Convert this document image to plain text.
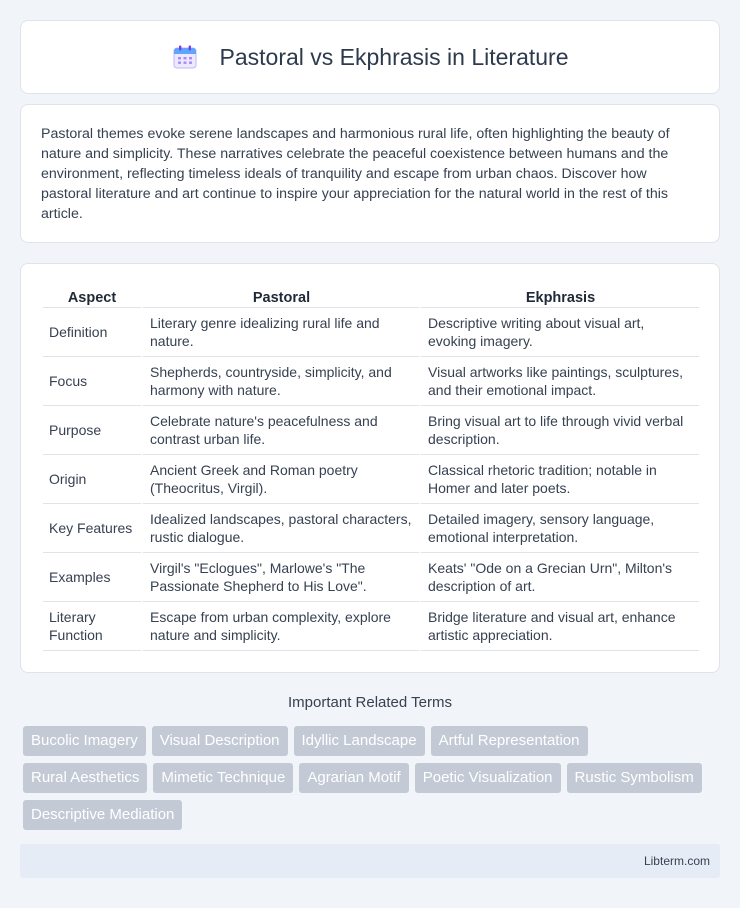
Pastoral vs Ekphrasis in Literature

Pastoral themes evoke serene landscapes and harmonious rural life, often highlighting the beauty of nature and simplicity. These narratives celebrate the peaceful coexistence between humans and the environment, reflecting timeless ideals of tranquility and escape from urban chaos. Discover how pastoral literature and art continue to inspire your appreciation for the natural world in the rest of this article.

Aspect	Pastoral	Ekphrasis
Definition	Literary genre idealizing rural life and nature.	Descriptive writing about visual art, evoking imagery.
Focus	Shepherds, countryside, simplicity, and harmony with nature.	Visual artworks like paintings, sculptures, and their emotional impact.
Purpose	Celebrate nature's peacefulness and contrast urban life.	Bring visual art to life through vivid verbal description.
Origin	Ancient Greek and Roman poetry (Theocritus, Virgil).	Classical rhetoric tradition; notable in Homer and later poets.
Key Features	Idealized landscapes, pastoral characters, rustic dialogue.	Detailed imagery, sensory language, emotional interpretation.
Examples	Virgil's "Eclogues", Marlowe's "The Passionate Shepherd to His Love".	Keats' "Ode on a Grecian Urn", Milton's description of art.
Literary Function	Escape from urban complexity, explore nature and simplicity.	Bridge literature and visual art, enhance artistic appreciation.
Important Related Terms
Bucolic Imagery	Visual Description	Idyllic Landscape	Artful Representation
Rural Aesthetics	Mimetic Technique	Agrarian Motif	Poetic Visualization	Rustic Symbolism
Descriptive Mediation
Libterm.com
